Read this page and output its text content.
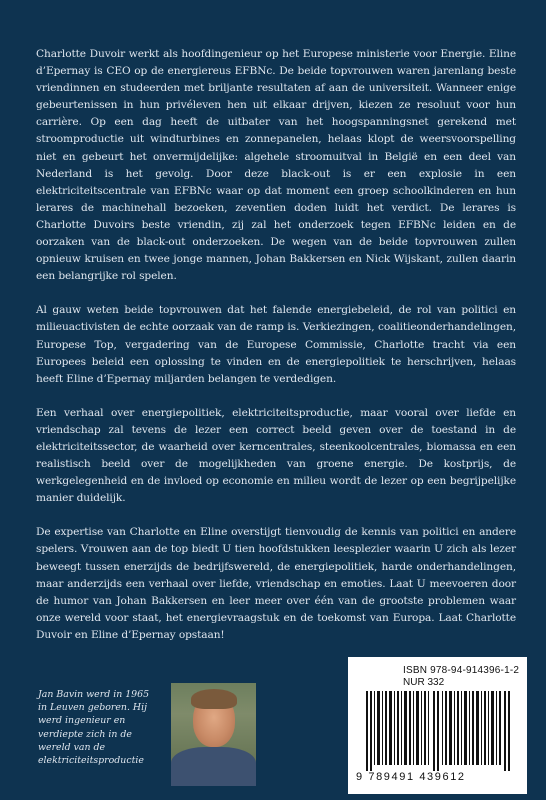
Charlotte Duvoir werkt als hoofdingenieur op het Europese ministerie voor Energie. Eline d’Epernay is CEO op de energiereus EFBNc. De beide topvrouwen waren jarenlang beste vriendinnen en studeerden met briljante resultaten af aan de universiteit. Wanneer enige gebeurtenissen in hun privéleven hen uit elkaar drijven, kiezen ze resoluut voor hun carrière. Op een dag heeft de uitbater van het hoogspanningsnet gerekend met stroomproductie uit windturbines en zonnepanelen, helaas klopt de weersvoorspelling niet en gebeurt het onvermijdelijke: algehele stroomuitval in België en een deel van Nederland is het gevolg. Door deze black-out is er een explosie in een elektriciteitscentrale van EFBNc waar op dat moment een groep schoolkinderen en hun lerares de machinehall bezoeken, zeventien doden luidt het verdict. De lerares is Charlotte Duvoirs beste vriendin, zij zal het onderzoek tegen EFBNc leiden en de oorzaken van de black-out onderzoeken. De wegen van de beide topvrouwen zullen opnieuw kruisen en twee jonge mannen, Johan Bakkersen en Nick Wijskant, zullen daarin een belangrijke rol spelen.

Al gauw weten beide topvrouwen dat het falende energiebeleid, de rol van politici en milieuactivisten de echte oorzaak van de ramp is. Verkiezingen, coalitieonderhandelingen, Europese Top, vergadering van de Europese Commissie, Charlotte tracht via een Europees beleid een oplossing te vinden en de energiepolitiek te herschrijven, helaas heeft Eline d’Epernay miljarden belangen te verdedigen.

Een verhaal over energiepolitiek, elektriciteitsproductie, maar vooral over liefde en vriendschap zal tevens de lezer een correct beeld geven over de toestand in de elektriciteitssector, de waarheid over kerncentrales, steenkoolcentrales, biomassa en een realistisch beeld over de mogelijkheden van groene energie. De kostprijs, de werkgelegenheid en de invloed op economie en milieu wordt de lezer op een begrijpelijke manier duidelijk.

De expertise van Charlotte en Eline overstijgt tienvoudig de kennis van politici en andere spelers. Vrouwen aan de top biedt U tien hoofdstukken leesplezier waarin U zich als lezer beweegt tussen enerzijds de bedrijfswereld, de energiepolitiek, harde onderhandelingen, maar anderzijds een verhaal over liefde, vriendschap en emoties. Laat U meevoeren door de humor van Johan Bakkersen en leer meer over één van de grootste problemen waar onze wereld voor staat, het energievraagstuk en de toekomst van Europa. Laat Charlotte Duvoir en Eline d’Epernay opstaan!

Jan Bavin werd in 1965 in Leuven geboren. Hij werd ingenieur en verdiepte zich in de wereld van de elektriciteitsproductie
ISBN 978-94-914396-1-2
NUR 332
9 789491 439612
